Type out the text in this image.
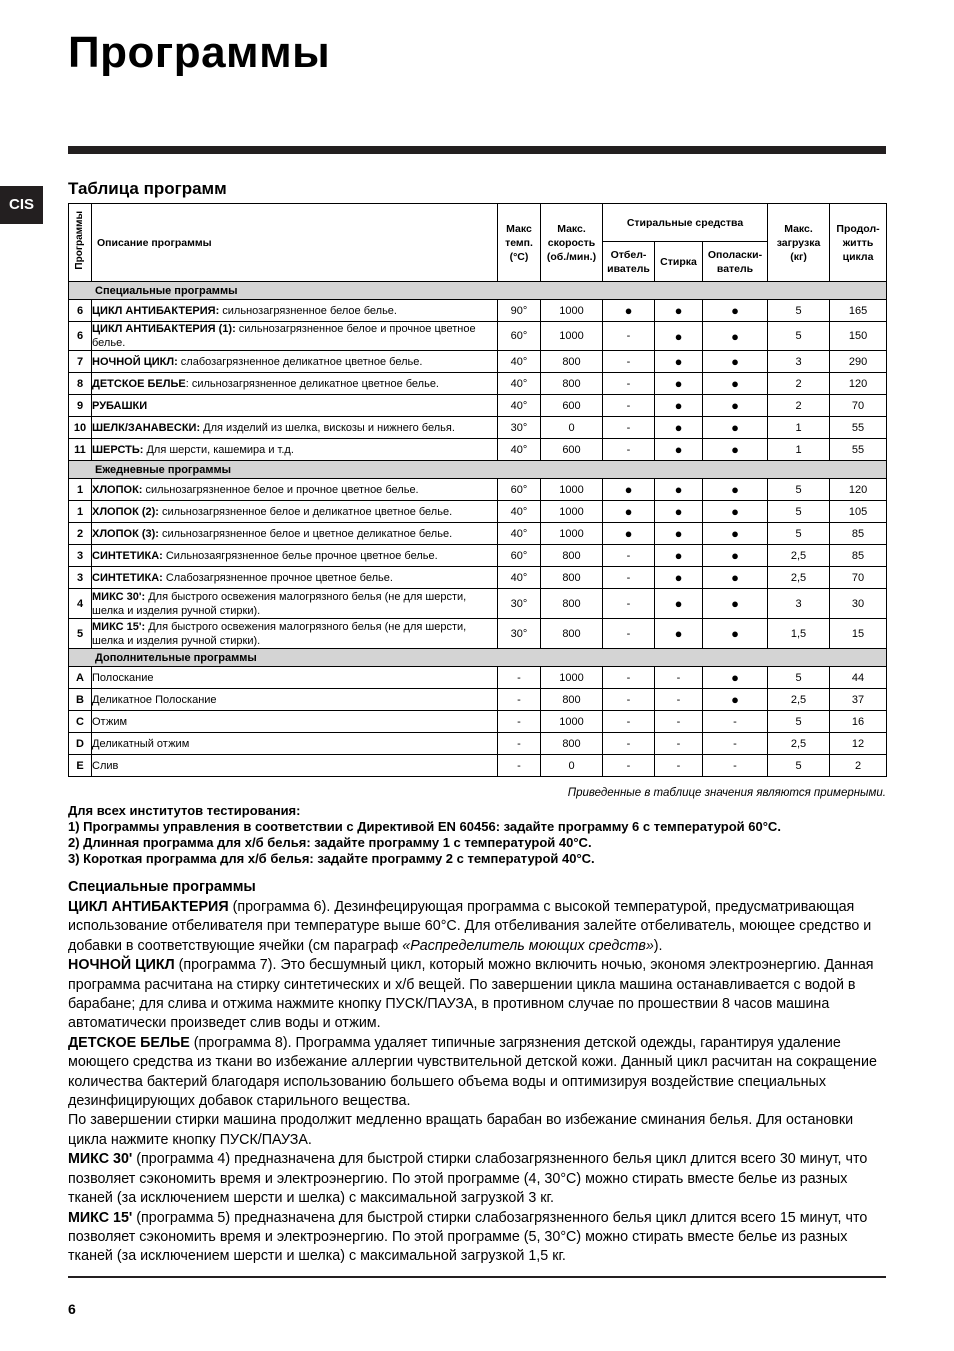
Программы
CIS
Таблица программ
Программы	Описание программы	Макс темп. (°C)	Макс. скорость (об./мин.)	Стиральные средства			Макс. загрузка (кг)	Продол- житть цикла
				Отбел- иватель	Стирка	Ополаски- ватель		
Специальные программы								
6	ЦИКЛ АНТИБАКТЕРИЯ: сильнозагрязненное белое белье.	90°	1000	●	●	●	5	165
6	ЦИКЛ АНТИБАКТЕРИЯ (1): сильнозагрязненное белое и прочное цветное белье.	60°	1000	-	●	●	5	150
7	НОЧНОЙ ЦИКЛ: слабозагрязненное деликатное цветное белье.	40°	800	-	●	●	3	290
8	ДЕТСКОЕ БЕЛЬЕ: сильнозагрязненное деликатное цветное белье.	40°	800	-	●	●	2	120
9	РУБАШКИ	40°	600	-	●	●	2	70
10	ШЕЛК/ЗАНАВЕСКИ: Для изделий из шелка, вискозы и нижнего белья.	30°	0	-	●	●	1	55
11	ШЕРСТЬ: Для шерсти, кашемира и т.д.	40°	600	-	●	●	1	55
Ежедневные программы								
1	ХЛОПОК: сильнозагрязненное белое и прочное цветное белье.	60°	1000	●	●	●	5	120
1	ХЛОПОК (2): сильнозагрязненное белое и деликатное цветное белье.	40°	1000	●	●	●	5	105
2	ХЛОПОК (3): сильнозагрязненное белое и цветное деликатное белье.	40°	1000	●	●	●	5	85
3	СИНТЕТИКА: Сильнозаягрязненное белье прочное цветное белье.	60°	800	-	●	●	2,5	85
3	СИНТЕТИКА: Слабозагрязненное прочное цветное белье.	40°	800	-	●	●	2,5	70
4	МИКС 30': Для быстрого освежения малогрязного белья (не для шерсти, шелка и изделия ручной стирки).	30°	800	-	●	●	3	30
5	МИКС 15': Для быстрого освежения малогрязного белья (не для шерсти, шелка и изделия ручной стирки).	30°	800	-	●	●	1,5	15
Дополнительные программы								
A	Полоскание	-	1000	-	-	●	5	44
B	Деликатное Полоскание	-	800	-	-	●	2,5	37
C	Отжим	-	1000	-	-	-	5	16
D	Деликатный отжим	-	800	-	-	-	2,5	12
E	Слив	-	0	-	-	-	5	2
Приведенные в таблице значения являются примерными.
Для всех институтов тестирования:
1) Программы управления в соответствии с Директивой EN 60456: задайте программу 6 с температурой 60°C.
2) Длинная программа для х/б белья: задайте программу 1 с температурой 40°C.
3) Короткая программа для х/б белья: задайте программу 2 с температурой 40°C.
Специальные программы

ЦИКЛ АНТИБАКТЕРИЯ (программа 6). Дезинфецирующая программа с высокой температурой, предусматривающая использование отбеливателя при температуре выше 60°C. Для отбеливания залейте отбеливатель, моющее средство и добавки в соответствующие ячейки (см параграф «Распределитель моющих средств»).

НОЧНОЙ ЦИКЛ (программа 7). Это бесшумный цикл, который можно включить ночью, экономя электроэнергию. Данная программа расчитана на стирку синтетических и х/б вещей. По завершении цикла машина останавливается с водой в барабане; для слива и отжима нажмите кнопку ПУСК/ПАУЗА, в противном случае по прошествии 8 часов машина автоматически произведет слив воды и отжим.

ДЕТСКОЕ БЕЛЬЕ (программа 8). Программа удаляет типичные загрязнения детской одежды, гарантируя удаление моющего средства из ткани во избежание аллергии чувствительной детской кожи. Данный цикл расчитан на сокращение количества бактерий благодаря использованию большего объема воды и оптимизируя воздействие специальных дезинфицирующих добавок старильного вещества.

По завершении стирки машина продолжит медленно вращать барабан во избежание сминания белья. Для остановки цикла нажмите кнопку ПУСК/ПАУЗА.

МИКС 30' (программа 4) предназначена для быстрой стирки слабозагрязненного белья цикл длится всего 30 минут, что позволяет сэкономить время и электроэнергию. По этой программе (4, 30°C) можно стирать вместе белье из разных тканей (за исключением шерсти и шелка) с максимальной загрузкой 3 кг.

МИКС 15' (программа 5) предназначена для быстрой стирки слабозагрязненного белья цикл длится всего 15 минут, что позволяет сэкономить время и электроэнергию. По этой программе (5, 30°C) можно стирать вместе белье из разных тканей (за исключением шерсти и шелка) с максимальной загрузкой 1,5 кг.

6
